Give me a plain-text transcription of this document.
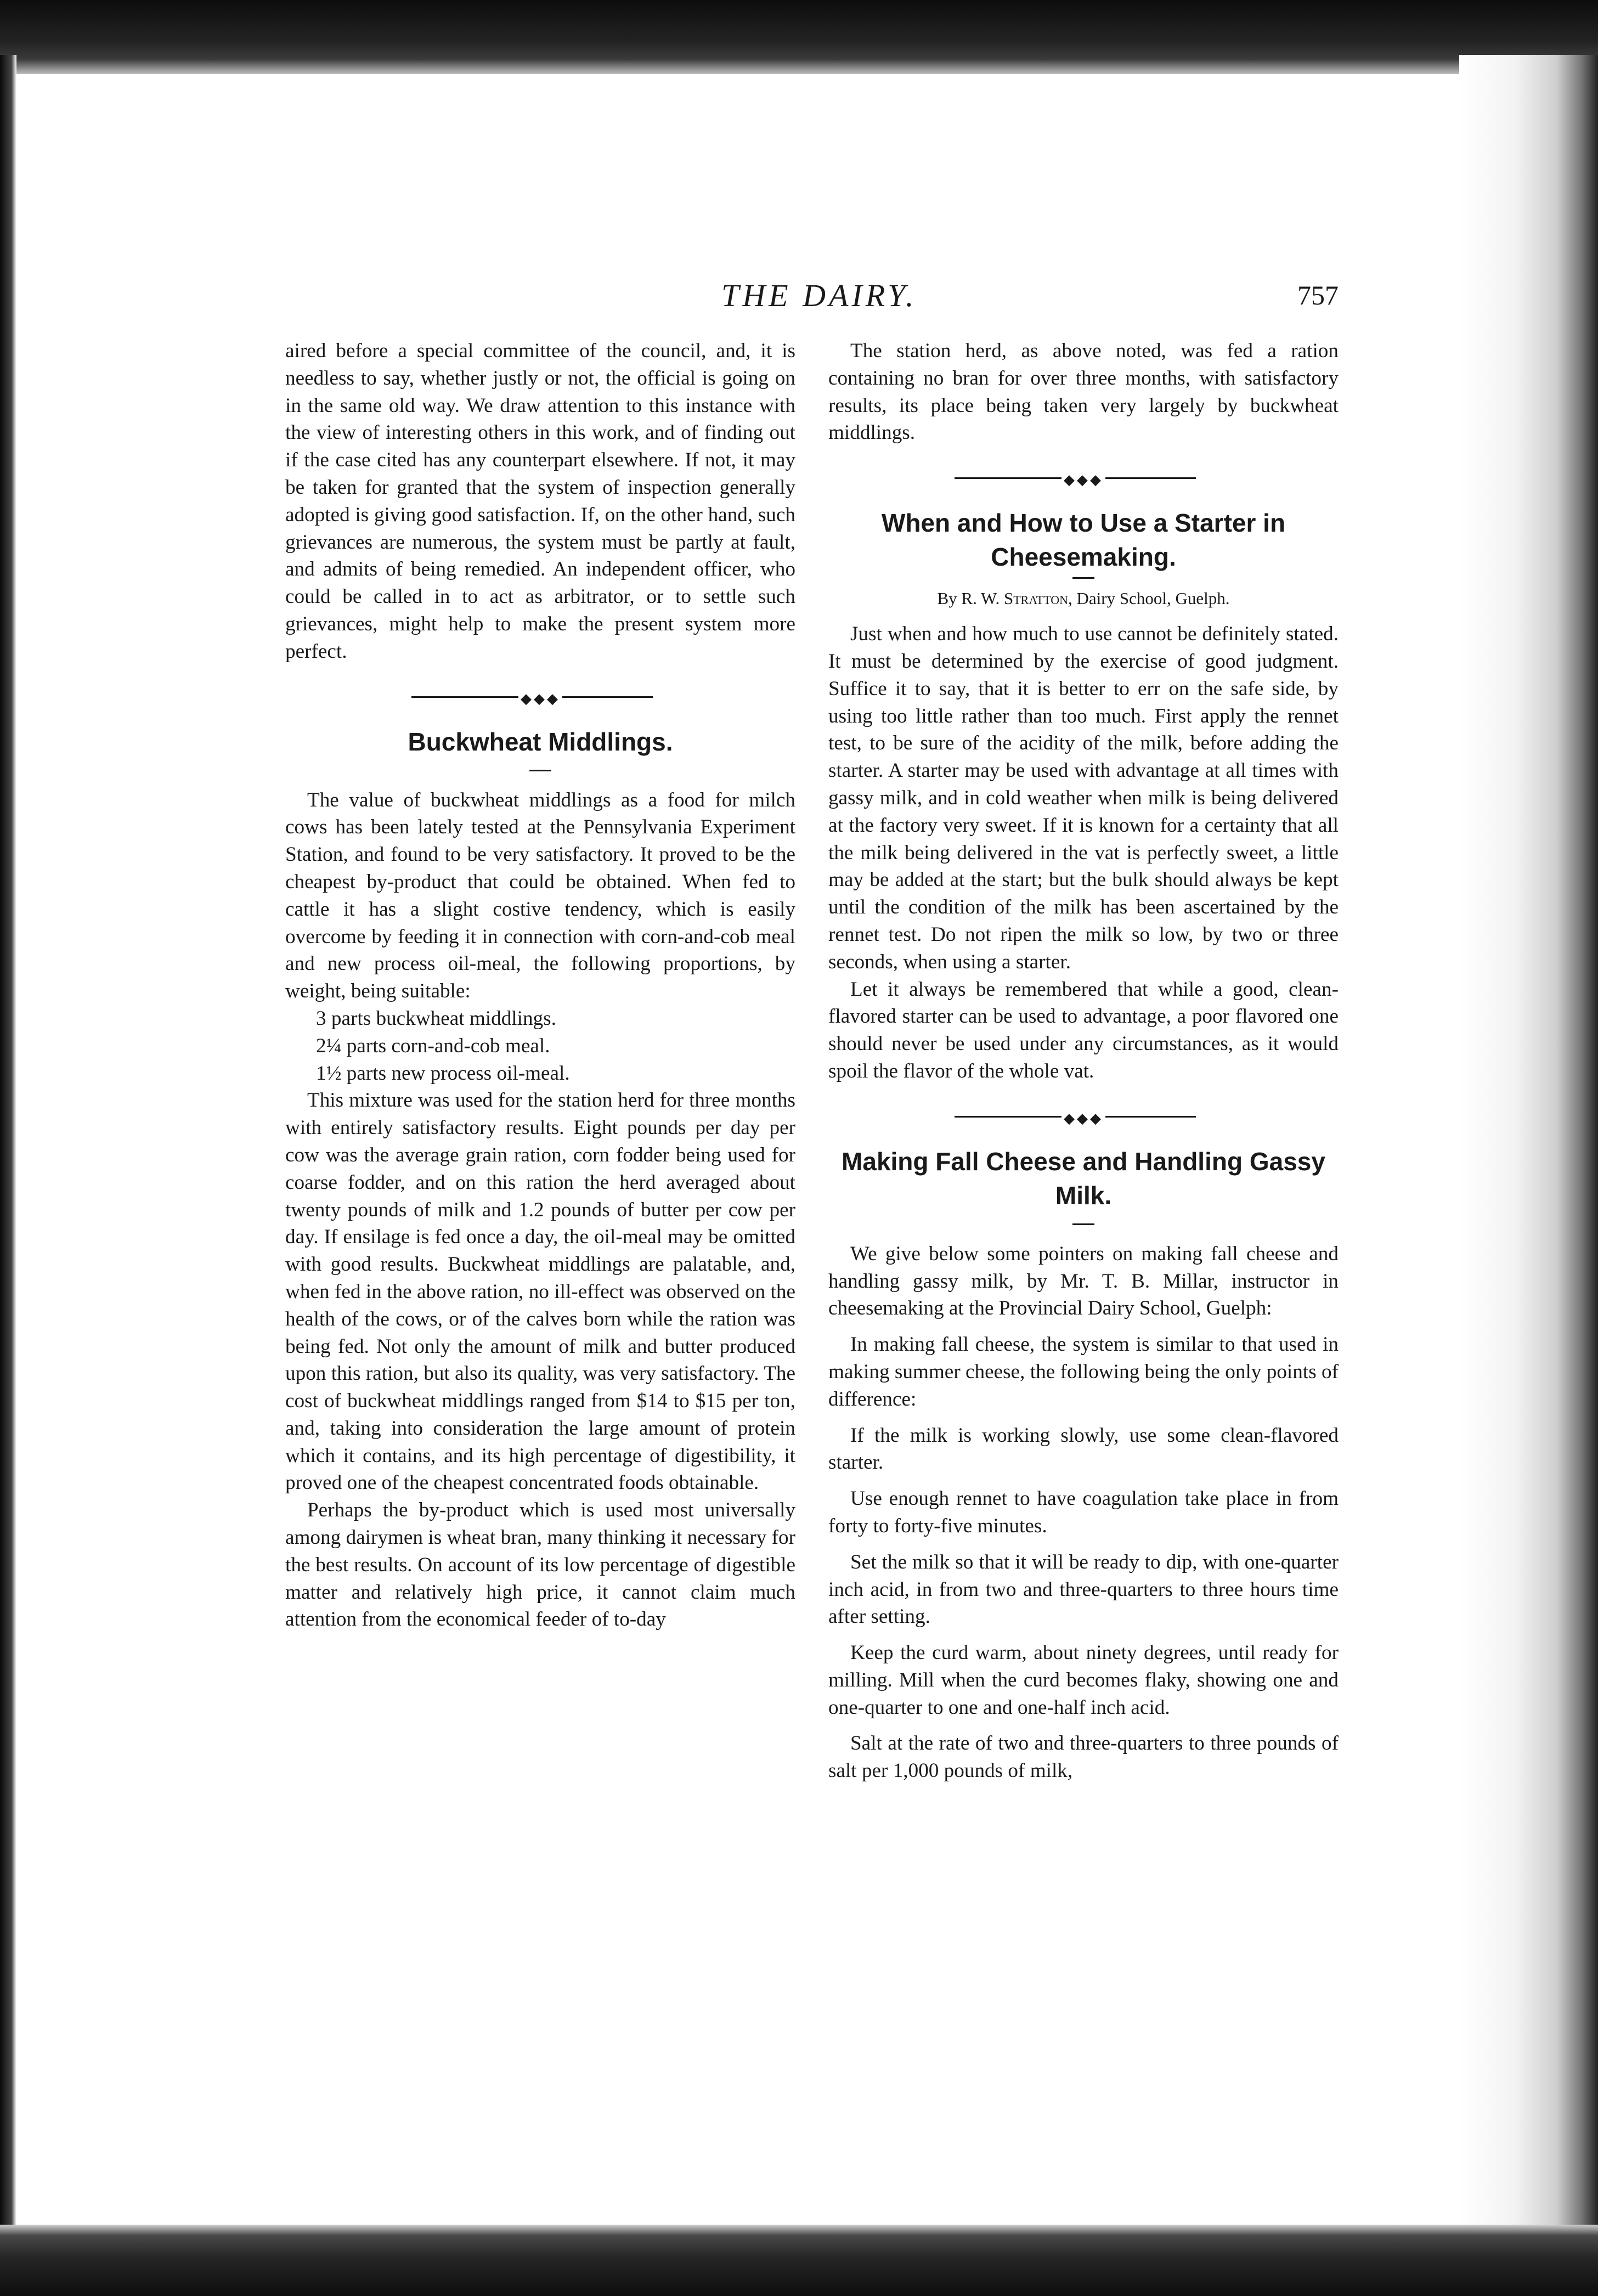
THE DAIRY.	757

aired before a special committee of the council, and, it is needless to say, whether justly or not, the official is going on in the same old way. We draw attention to this instance with the view of interesting others in this work, and of finding out if the case cited has any counterpart elsewhere. If not, it may be taken for granted that the system of inspection generally adopted is giving good satisfaction. If, on the other hand, such grievances are numerous, the system must be partly at fault, and admits of being remedied. An independent officer, who could be called in to act as arbitrator, or to settle such grievances, might help to make the present system more perfect.

◆◆◆
Buckwheat Middlings.

The value of buckwheat middlings as a food for milch cows has been lately tested at the Pennsylvania Experiment Station, and found to be very satisfactory. It proved to be the cheapest by-product that could be obtained. When fed to cattle it has a slight costive tendency, which is easily overcome by feeding it in connection with corn-and-cob meal and new process oil-meal, the following proportions, by weight, being suitable:

3 parts buckwheat middlings.

2¼ parts corn-and-cob meal.

1½ parts new process oil-meal.

This mixture was used for the station herd for three months with entirely satisfactory results. Eight pounds per day per cow was the average grain ration, corn fodder being used for coarse fodder, and on this ration the herd averaged about twenty pounds of milk and 1.2 pounds of butter per cow per day. If ensilage is fed once a day, the oil-meal may be omitted with good results. Buckwheat middlings are palatable, and, when fed in the above ration, no ill-effect was observed on the health of the cows, or of the calves born while the ration was being fed. Not only the amount of milk and butter produced upon this ration, but also its quality, was very satisfactory. The cost of buckwheat middlings ranged from $14 to $15 per ton, and, taking into consideration the large amount of protein which it contains, and its high percentage of digestibility, it proved one of the cheapest concentrated foods obtainable.

Perhaps the by-product which is used most universally among dairymen is wheat bran, many thinking it necessary for the best results. On account of its low percentage of digestible matter and relatively high price, it cannot claim much attention from the economical feeder of to-day

The station herd, as above noted, was fed a ration containing no bran for over three months, with satisfactory results, its place being taken very largely by buckwheat middlings.

◆◆◆
When and How to Use a Starter in Cheesemaking.
By R. W. Stratton, Dairy School, Guelph.

Just when and how much to use cannot be definitely stated. It must be determined by the exercise of good judgment. Suffice it to say, that it is better to err on the safe side, by using too little rather than too much. First apply the rennet test, to be sure of the acidity of the milk, before adding the starter. A starter may be used with advantage at all times with gassy milk, and in cold weather when milk is being delivered at the factory very sweet. If it is known for a certainty that all the milk being delivered in the vat is perfectly sweet, a little may be added at the start; but the bulk should always be kept until the condition of the milk has been ascertained by the rennet test. Do not ripen the milk so low, by two or three seconds, when using a starter.

Let it always be remembered that while a good, clean-flavored starter can be used to advantage, a poor flavored one should never be used under any circumstances, as it would spoil the flavor of the whole vat.

◆◆◆
Making Fall Cheese and Handling Gassy Milk.

We give below some pointers on making fall cheese and handling gassy milk, by Mr. T. B. Millar, instructor in cheesemaking at the Provincial Dairy School, Guelph:

In making fall cheese, the system is similar to that used in making summer cheese, the following being the only points of difference:

If the milk is working slowly, use some clean-flavored starter.

Use enough rennet to have coagulation take place in from forty to forty-five minutes.

Set the milk so that it will be ready to dip, with one-quarter inch acid, in from two and three-quarters to three hours time after setting.

Keep the curd warm, about ninety degrees, until ready for milling. Mill when the curd becomes flaky, showing one and one-quarter to one and one-half inch acid.

Salt at the rate of two and three-quarters to three pounds of salt per 1,000 pounds of milk,
